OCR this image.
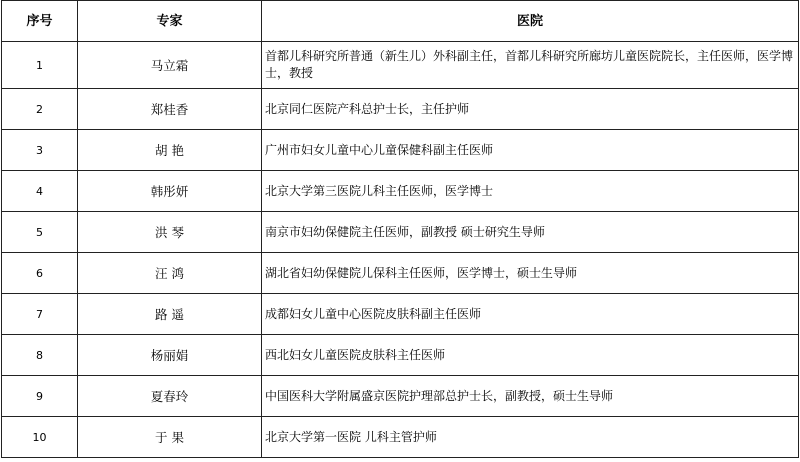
序号	专家	医院
1	马立霜	首都儿科研究所普通（新生儿）外科副主任，首都儿科研究所廊坊儿童医院院长，主任医师，医学博士，教授
2	郑桂香	北京同仁医院产科总护士长，主任护师
3	胡 艳	广州市妇女儿童中心儿童保健科副主任医师
4	韩彤妍	北京大学第三医院儿科主任医师，医学博士
5	洪 琴	南京市妇幼保健院主任医师，副教授 硕士研究生导师
6	汪 鸿	湖北省妇幼保健院儿保科主任医师，医学博士，硕士生导师
7	路 遥	成都妇女儿童中心医院皮肤科副主任医师
8	杨丽娟	西北妇女儿童医院皮肤科主任医师
9	夏春玲	中国医科大学附属盛京医院护理部总护士长，副教授，硕士生导师
10	于 果	北京大学第一医院 儿科主管护师
